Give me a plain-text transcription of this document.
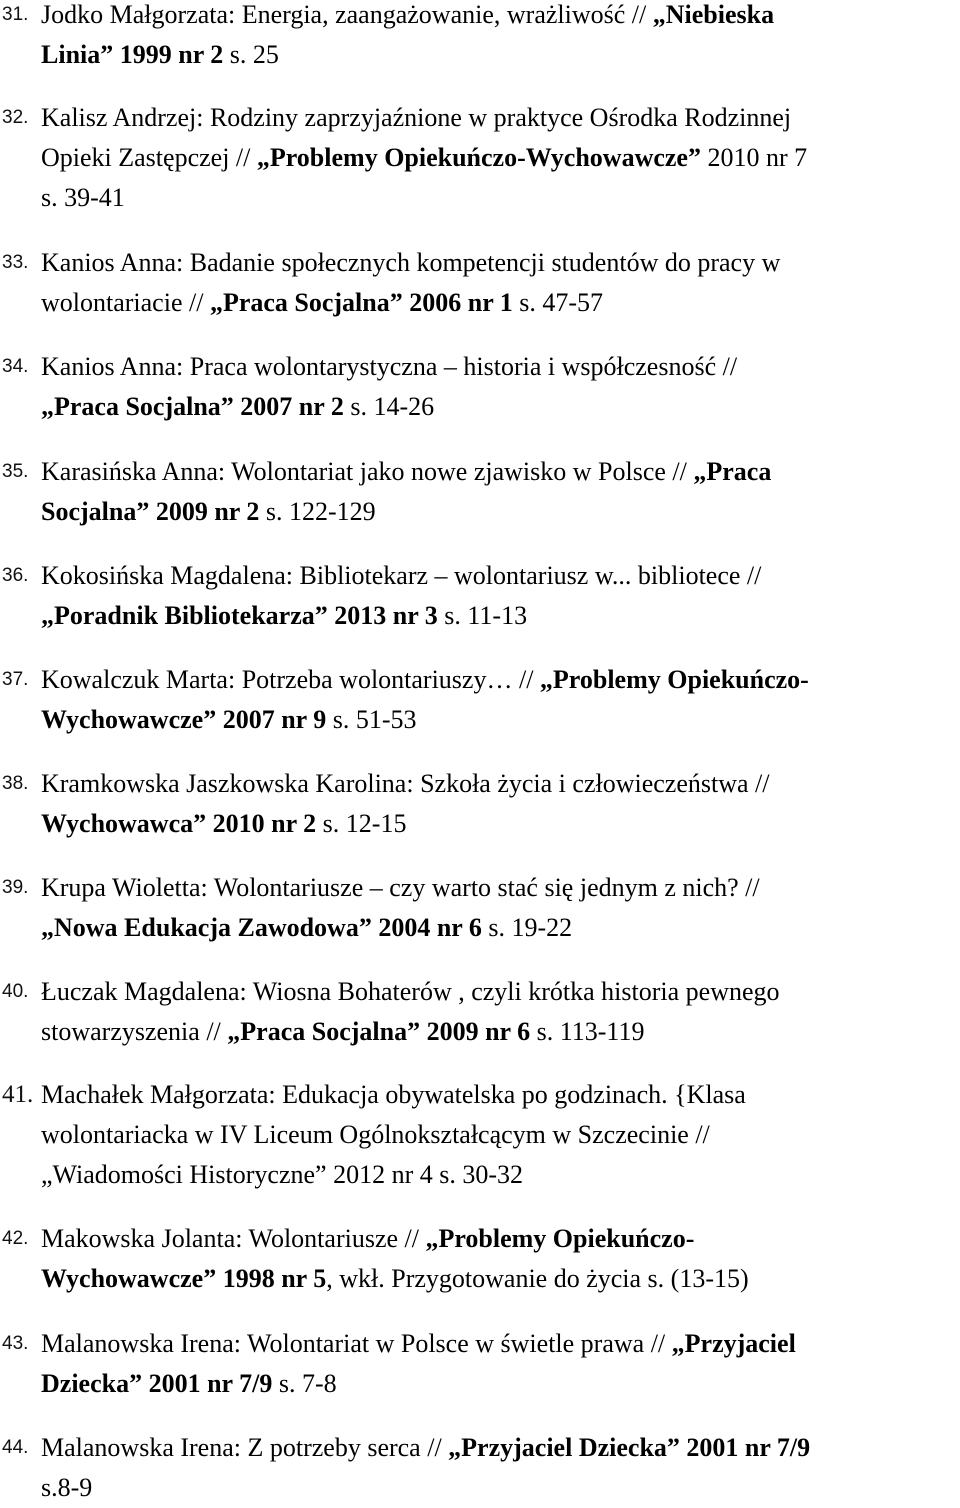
31. Jodko Małgorzata: Energia, zaangażowanie, wrażliwość // „Niebieska
Linia” 1999 nr 2 s. 25
32. Kalisz Andrzej: Rodziny zaprzyjaźnione w praktyce Ośrodka Rodzinnej
Opieki Zastępczej // „Problemy Opiekuńczo-Wychowawcze” 2010 nr 7
s. 39-41
33. Kanios Anna: Badanie społecznych kompetencji studentów do pracy w
wolontariacie // „Praca Socjalna” 2006 nr 1 s. 47-57
34. Kanios Anna: Praca wolontarystyczna – historia i współczesność //
„Praca Socjalna” 2007 nr 2 s. 14-26
35. Karasińska Anna: Wolontariat jako nowe zjawisko w Polsce // „Praca
Socjalna” 2009 nr 2 s. 122-129
36. Kokosińska Magdalena: Bibliotekarz – wolontariusz w... bibliotece //
„Poradnik Bibliotekarza” 2013 nr 3 s. 11-13
37. Kowalczuk Marta: Potrzeba wolontariuszy… // „Problemy Opiekuńczo-
Wychowawcze” 2007 nr 9 s. 51-53
38. Kramkowska Jaszkowska Karolina: Szkoła życia i człowieczeństwa //
Wychowawca” 2010 nr 2 s. 12-15
39. Krupa Wioletta: Wolontariusze – czy warto stać się jednym z nich? //
„Nowa Edukacja Zawodowa” 2004 nr 6 s. 19-22
40. Łuczak Magdalena: Wiosna Bohaterów , czyli krótka historia pewnego
stowarzyszenia // „Praca Socjalna” 2009 nr 6 s. 113-119
41. Machałek Małgorzata: Edukacja obywatelska po godzinach. {Klasa
wolontariacka w IV Liceum Ogólnokształcącym w Szczecinie //
„Wiadomości Historyczne” 2012 nr 4 s. 30-32
42. Makowska Jolanta: Wolontariusze // „Problemy Opiekuńczo-
Wychowawcze” 1998 nr 5, wkł. Przygotowanie do życia s. (13-15)
43. Malanowska Irena: Wolontariat w Polsce w świetle prawa // „Przyjaciel
Dziecka” 2001 nr 7/9 s. 7-8
44. Malanowska Irena: Z potrzeby serca // „Przyjaciel Dziecka” 2001 nr 7/9
s.8-9
